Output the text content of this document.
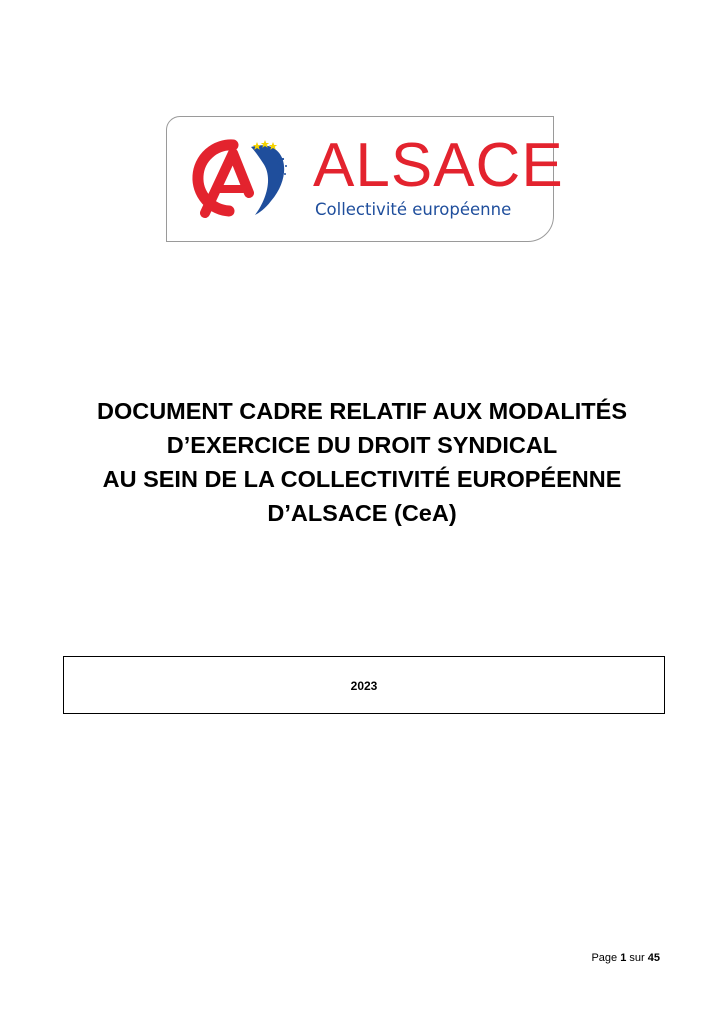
ALSACE
Collectivité européenne
DOCUMENT CADRE RELATIF AUX MODALITÉS
D’EXERCICE DU DROIT SYNDICAL
AU SEIN DE LA COLLECTIVITÉ EUROPÉENNE
D’ALSACE (CeA)
2023
Page 1 sur 45
